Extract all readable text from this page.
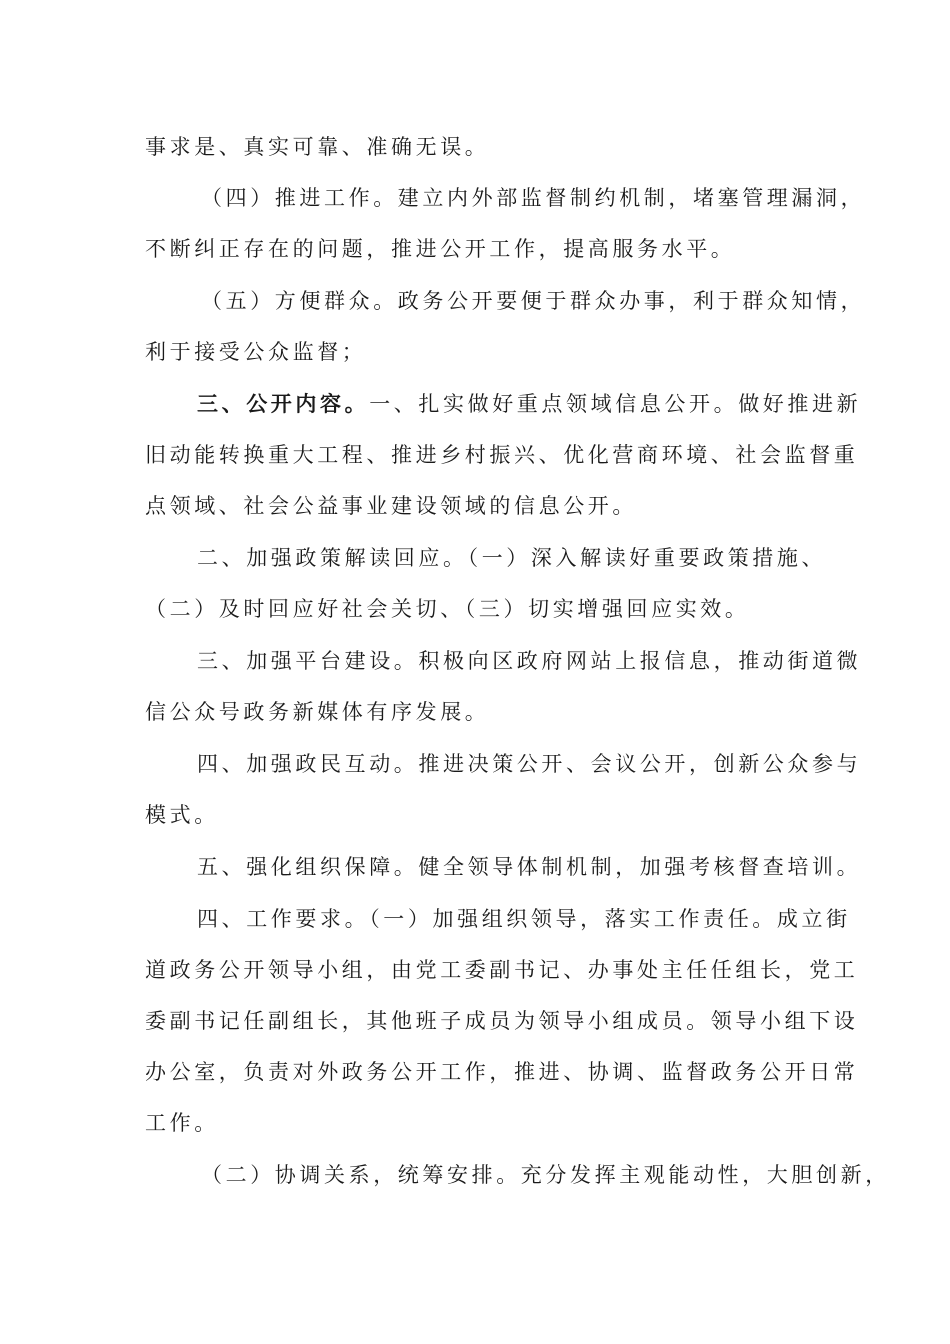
事求是、真实可靠、准确无误。

（四）推进工作。建立内外部监督制约机制，堵塞管理漏洞，

不断纠正存在的问题，推进公开工作，提高服务水平。

（五）方便群众。政务公开要便于群众办事，利于群众知情，

利于接受公众监督；

三、公开内容。一、扎实做好重点领域信息公开。做好推进新

旧动能转换重大工程、推进乡村振兴、优化营商环境、社会监督重

点领域、社会公益事业建设领域的信息公开。

二、加强政策解读回应。（一）深入解读好重要政策措施、

（二）及时回应好社会关切、（三）切实增强回应实效。

三、加强平台建设。积极向区政府网站上报信息，推动街道微

信公众号政务新媒体有序发展。

四、加强政民互动。推进决策公开、会议公开，创新公众参与

模式。

五、强化组织保障。健全领导体制机制，加强考核督查培训。

四、工作要求。（一）加强组织领导，落实工作责任。成立街

道政务公开领导小组，由党工委副书记、办事处主任任组长，党工

委副书记任副组长，其他班子成员为领导小组成员。领导小组下设

办公室，负责对外政务公开工作，推进、协调、监督政务公开日常

工作。

（二）协调关系，统筹安排。充分发挥主观能动性，大胆创新，
